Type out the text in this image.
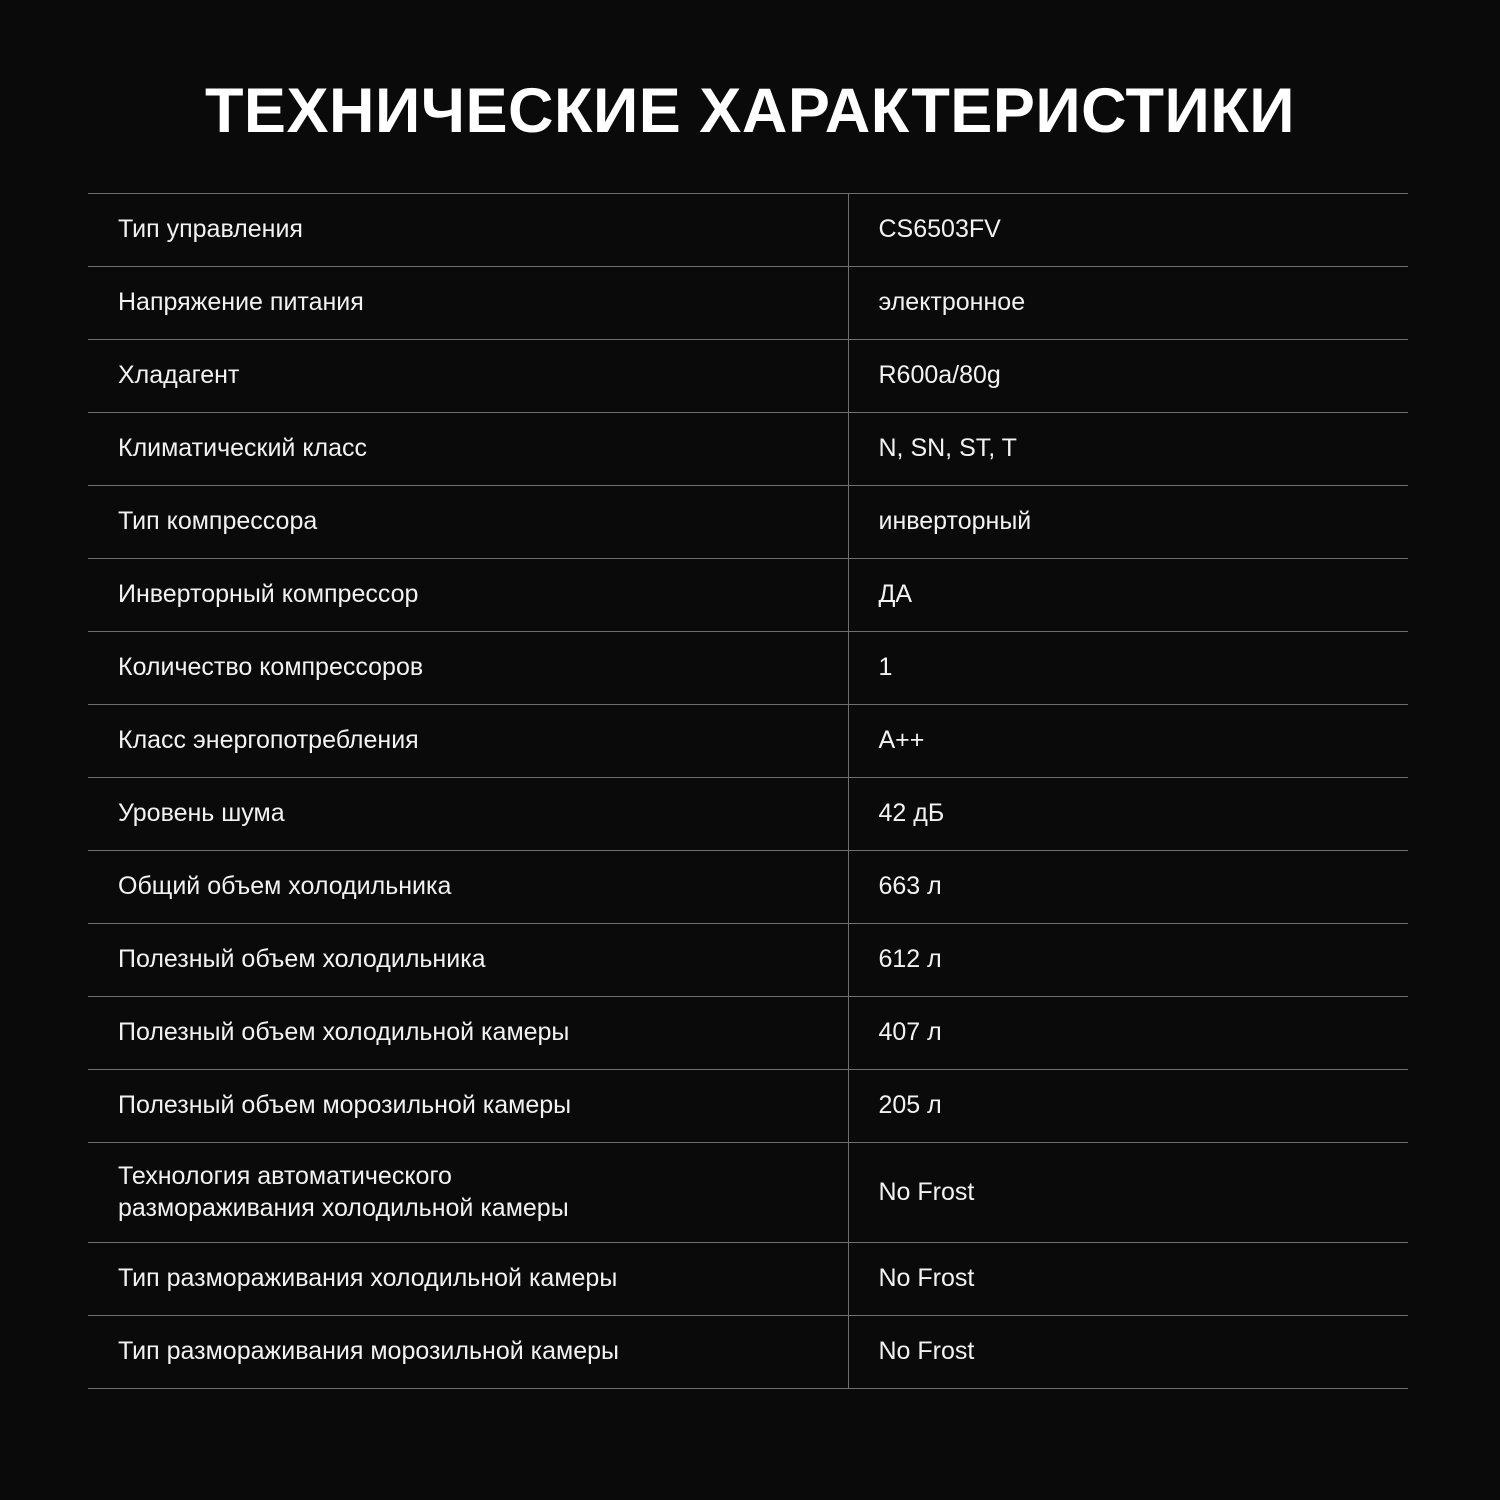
ТЕХНИЧЕСКИЕ ХАРАКТЕРИСТИКИ
Тип управления	CS6503FV
Напряжение питания	электронное
Хладагент	R600a/80g
Климатический класс	N, SN, ST, T
Тип компрессора	инверторный
Инверторный компрессор	ДА
Количество компрессоров	1
Класс энергопотребления	A++
Уровень шума	42 дБ
Общий объем холодильника	663 л
Полезный объем холодильника	612 л
Полезный объем холодильной камеры	407 л
Полезный объем морозильной камеры	205 л
Технология автоматического
размораживания холодильной камеры	No Frost
Тип размораживания холодильной камеры	No Frost
Тип размораживания морозильной камеры	No Frost
